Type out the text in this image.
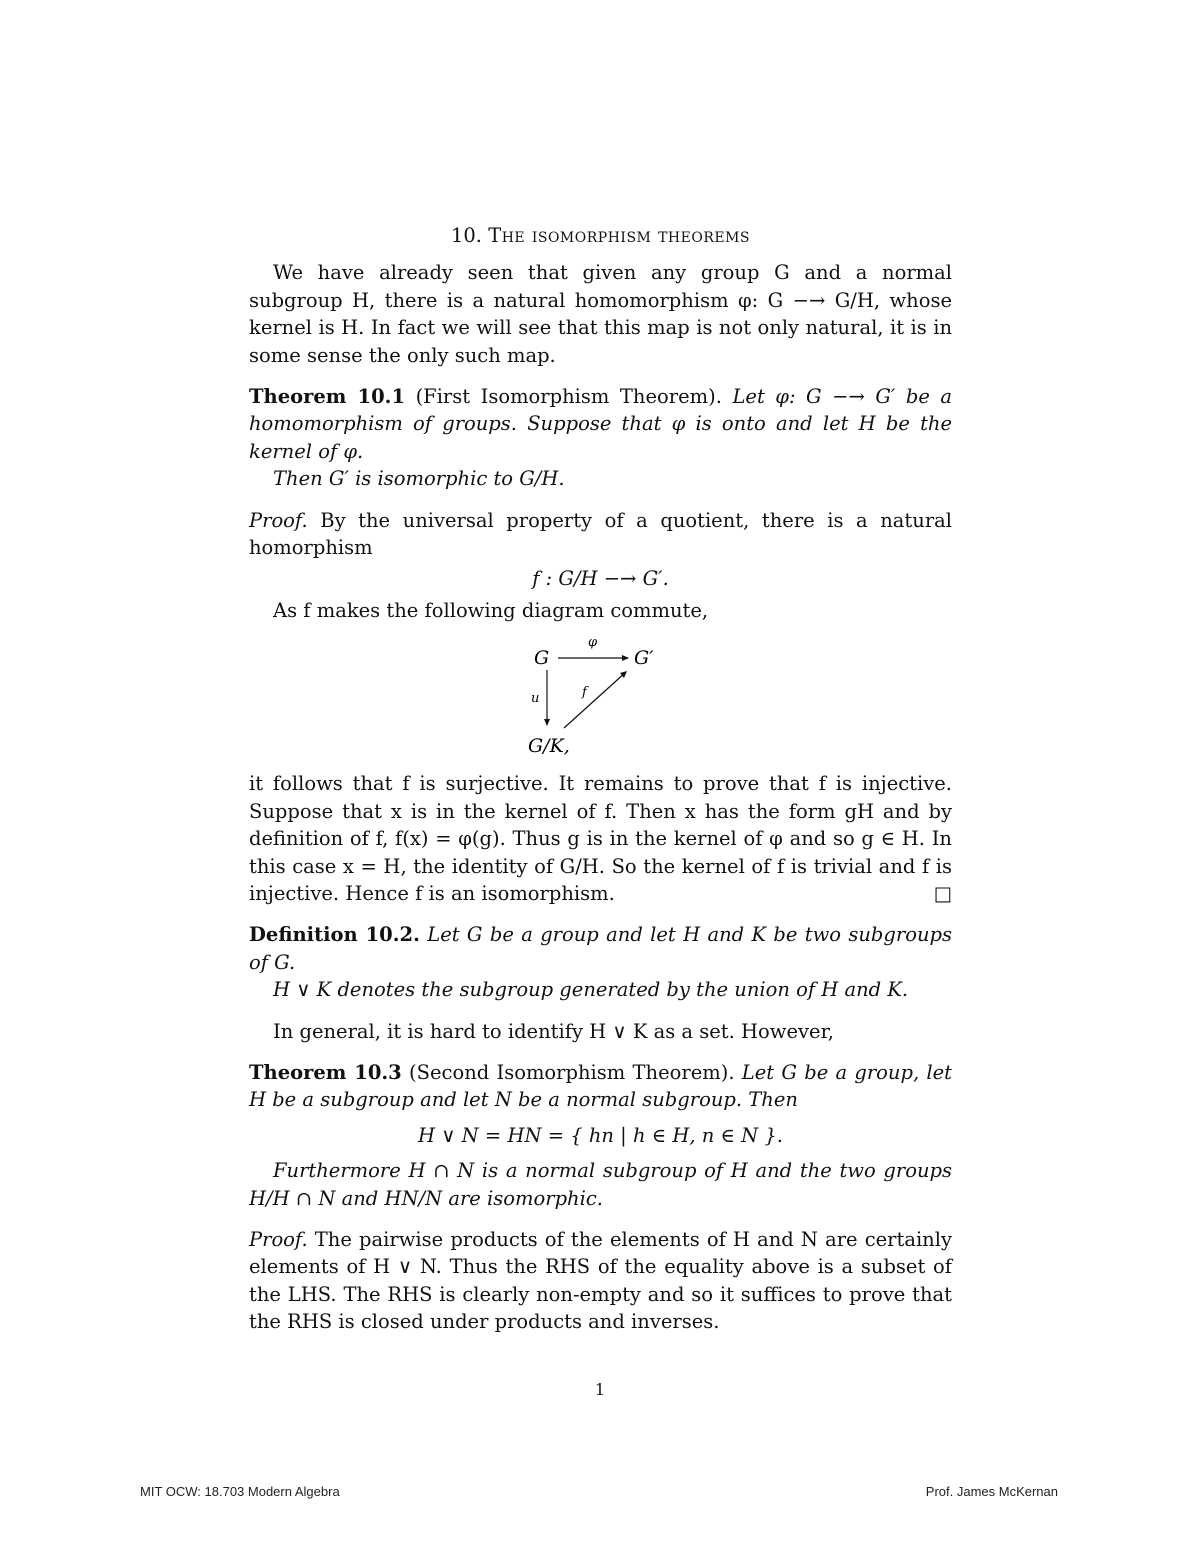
10. The isomorphism theorems

We have already seen that given any group G and a normal subgroup H, there is a natural homomorphism φ: G −→ G/H, whose kernel is H. In fact we will see that this map is not only natural, it is in some sense the only such map.

Theorem 10.1 (First Isomorphism Theorem). Let φ: G −→ G′ be a homomorphism of groups. Suppose that φ is onto and let H be the kernel of φ.

Then G′ is isomorphic to G/H.

Proof. By the universal property of a quotient, there is a natural homorphism

f : G/H −→ G′.

As f makes the following diagram commute,

G	G′
G/K,
φ
u	f

it follows that f is surjective. It remains to prove that f is injective. Suppose that x is in the kernel of f. Then x has the form gH and by definition of f, f(x) = φ(g). Thus g is in the kernel of φ and so g ∈ H. In this case x = H, the identity of G/H. So the kernel of f is trivial and f is injective. Hence f is an isomorphism.	□

Definition 10.2. Let G be a group and let H and K be two subgroups of G.

H ∨ K denotes the subgroup generated by the union of H and K.

In general, it is hard to identify H ∨ K as a set. However,

Theorem 10.3 (Second Isomorphism Theorem). Let G be a group, let H be a subgroup and let N be a normal subgroup. Then

H ∨ N = HN = { hn | h ∈ H, n ∈ N }.

Furthermore H ∩ N is a normal subgroup of H and the two groups H/H ∩ N and HN/N are isomorphic.

Proof. The pairwise products of the elements of H and N are certainly elements of H ∨ N. Thus the RHS of the equality above is a subset of the LHS. The RHS is clearly non-empty and so it suffices to prove that the RHS is closed under products and inverses.

1
MIT OCW: 18.703 Modern Algebra	Prof. James McKernan
